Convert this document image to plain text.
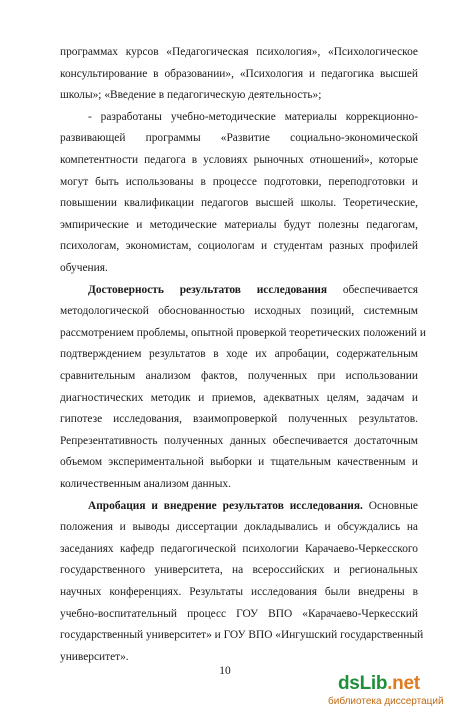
программах курсов «Педагогическая психология», «Психологическое
консультирование в образовании», «Психология и педагогика высшей
школы»; «Введение в педагогическую деятельность»;
- разработаны учебно-методические материалы коррекционно-
развивающей программы «Развитие социально-экономической
компетентности педагога в условиях рыночных отношений», которые
могут быть использованы в процессе подготовки, переподготовки и
повышении квалификации педагогов высшей школы. Теоретические,
эмпирические и методические материалы будут полезны педагогам,
психологам, экономистам, социологам и студентам разных профилей
обучения.
Достоверность результатов исследования обеспечивается
методологической обоснованностью исходных позиций, системным
рассмотрением проблемы, опытной проверкой теоретических положений и
подтверждением результатов в ходе их апробации, содержательным
сравнительным анализом фактов, полученных при использовании
диагностических методик и приемов, адекватных целям, задачам и
гипотезе исследования, взаимопроверкой полученных результатов.
Репрезентативность полученных данных обеспечивается достаточным
объемом экспериментальной выборки и тщательным качественным и
количественным анализом данных.
Апробация и внедрение результатов исследования. Основные
положения и выводы диссертации докладывались и обсуждались на
заседаниях кафедр педагогической психологии Карачаево-Черкесского
государственного университета, на всероссийских и региональных
научных конференциях. Результаты исследования были внедрены в
учебно-воспитательный процесс ГОУ ВПО «Карачаево-Черкесский
государственный университет» и ГОУ ВПО «Ингушский государственный
университет».
10
dsLib.net
библиотека диссертаций
